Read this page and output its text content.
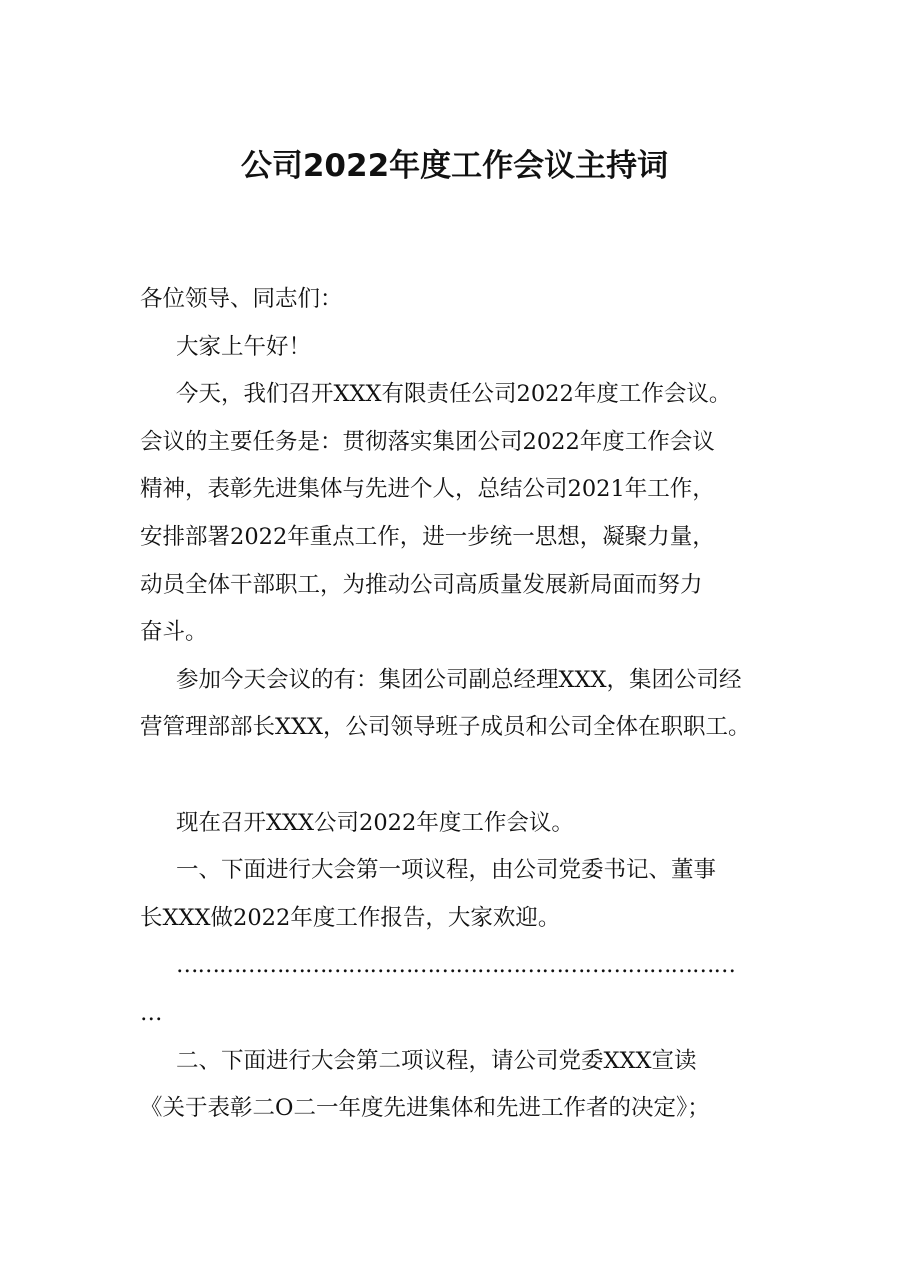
公司2022年度工作会议主持词
各位领导、同志们：
大家上午好！
今天，我们召开XXX有限责任公司2022年度工作会议。
会议的主要任务是：贯彻落实集团公司2022年度工作会议
精神，表彰先进集体与先进个人，总结公司2021年工作，
安排部署2022年重点工作，进一步统一思想，凝聚力量，
动员全体干部职工，为推动公司高质量发展新局面而努力
奋斗。
参加今天会议的有：集团公司副总经理XXX，集团公司经
营管理部部长XXX，公司领导班子成员和公司全体在职职工。
现在召开XXX公司2022年度工作会议。
一、下面进行大会第一项议程，由公司党委书记、董事
长XXX做2022年度工作报告，大家欢迎。
……………………………………………………………………
…
二、下面进行大会第二项议程，请公司党委XXX宣读
《关于表彰二O二一年度先进集体和先进工作者的决定》；
